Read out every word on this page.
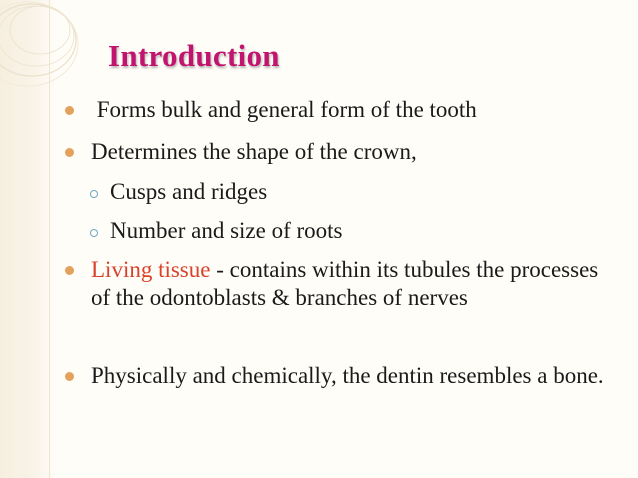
Introduction
Forms bulk and general form of the tooth
Determines the shape of the crown,
Cusps and ridges
Number and size of roots
Living tissue - contains within its tubules the processes of the odontoblasts & branches of nerves
Physically and chemically, the dentin resembles a bone.
